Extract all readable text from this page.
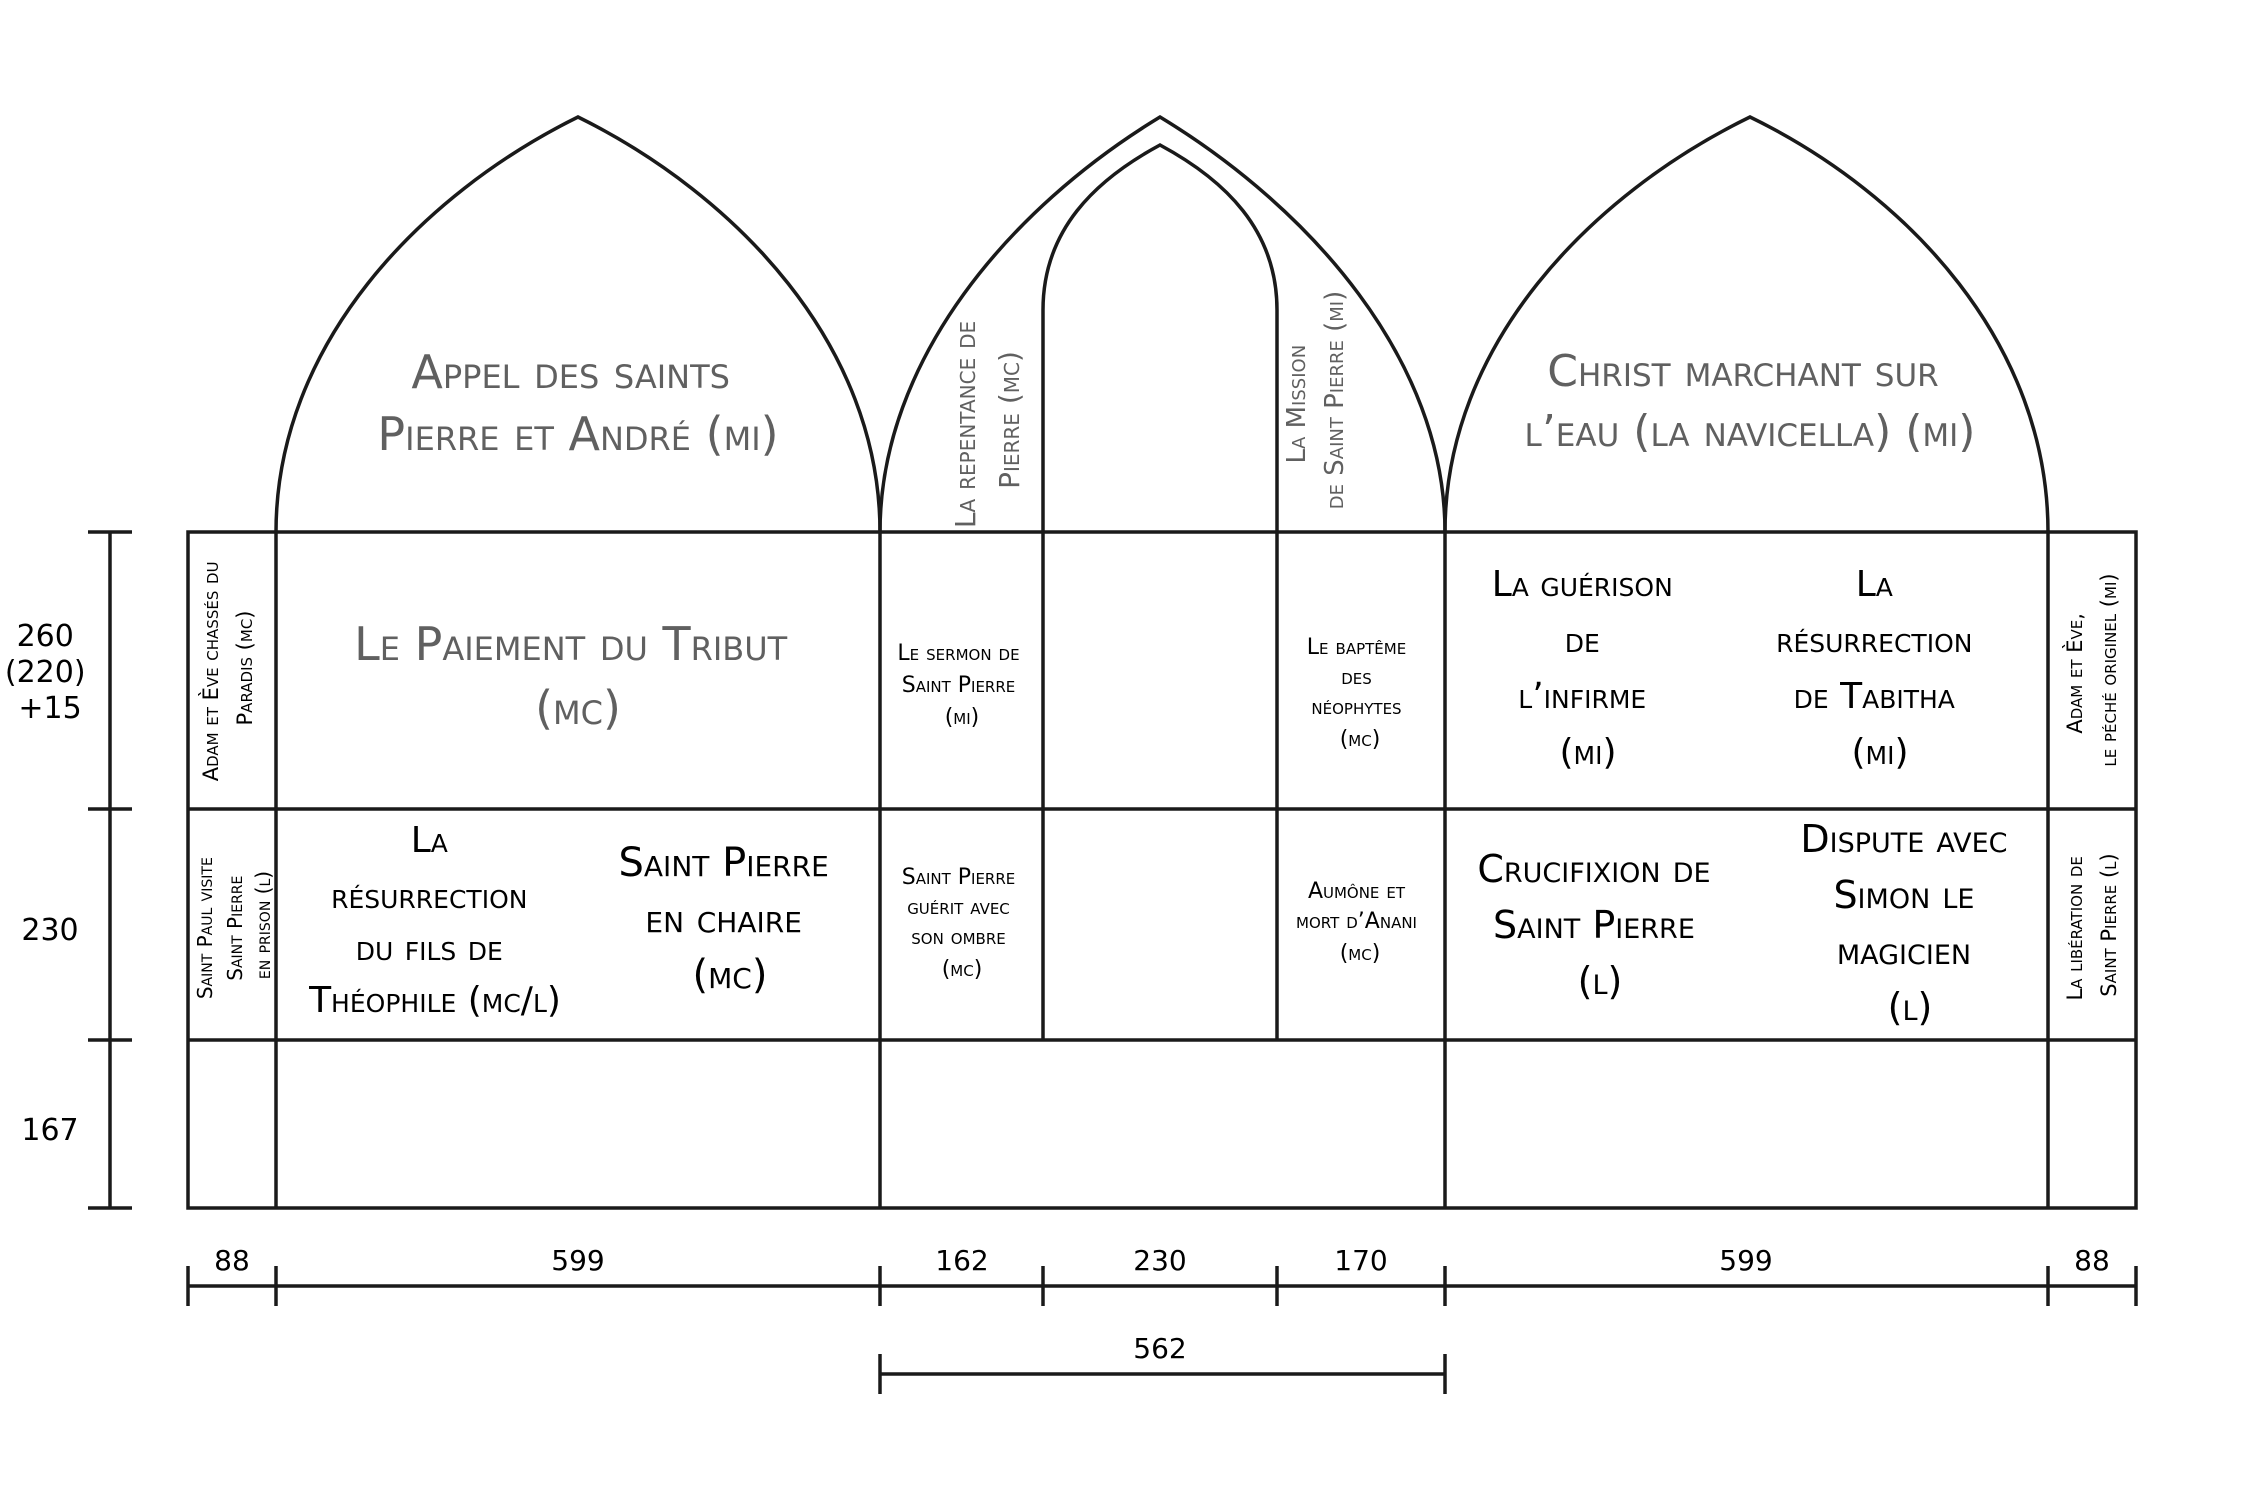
Appel des saints Pierre et André (mi)
Christ marchant sur l’eau (la navicella) (mi)
La repentance de Pierre (mc)	La Mission de Saint Pierre (mi)
Adam et Ève chassés du Paradis (mc) Le Paiement du Tribut (mc)
Le sermon de Saint Pierre (mi)
Le baptême des néophytes (mc)
La guérison de l’infirme (mi)
La résurrection de Tabitha (mi)
Adam et Ève, le péché originel (mi)
Saint Paul visite Saint Pierre en prison (l)
La résurrection du fils de Théophile (mc/l)
Saint Pierre en chaire (mc)
Saint Pierre guérit avec son ombre (mc)
Aumône et mort d’Anani (mc)
Crucifixion de Saint Pierre (l)
Dispute avec Simon le magicien (l)
La libération de Saint Pierre (l)
260 (220) +15
230
167
88	599	162	230	170	599	88
562
